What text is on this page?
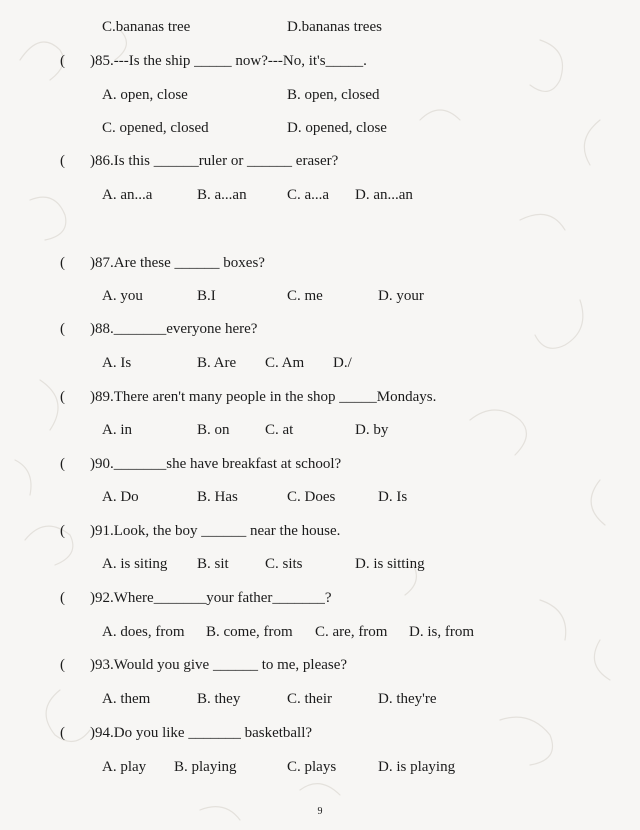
C.bananas tree	D.bananas trees
( )85.---Is the ship _____ now?---No, it's_____.
A. open, close	B. open, closed
C. opened, closed	D. opened, close
( )86.Is this ______ruler or ______ eraser?
A. an...a	B. a...an	C. a...a D. an...an
( )87.Are these ______ boxes?
A. you	B.I	C. me	D. your
( )88._______everyone here?
A. Is	B. Are C. Am D./
( )89.There aren't many people in the shop _____Mondays.
A. in	B. on C. at	D. by
( )90._______she have breakfast at school?
A. Do	B. Has	C. Does	D. Is
( )91.Look, the boy ______ near the house.
A. is siting B. sit C. sits	D. is sitting
( )92.Where_______your father_______?
A. does, from B. come, from C. are, from D. is, from
( )93.Would you give ______ to me, please?
A. them	B. they	C. their	D. they're
( )94.Do you like _______ basketball?
A. play B. playing	C. plays	D. is playing
9
